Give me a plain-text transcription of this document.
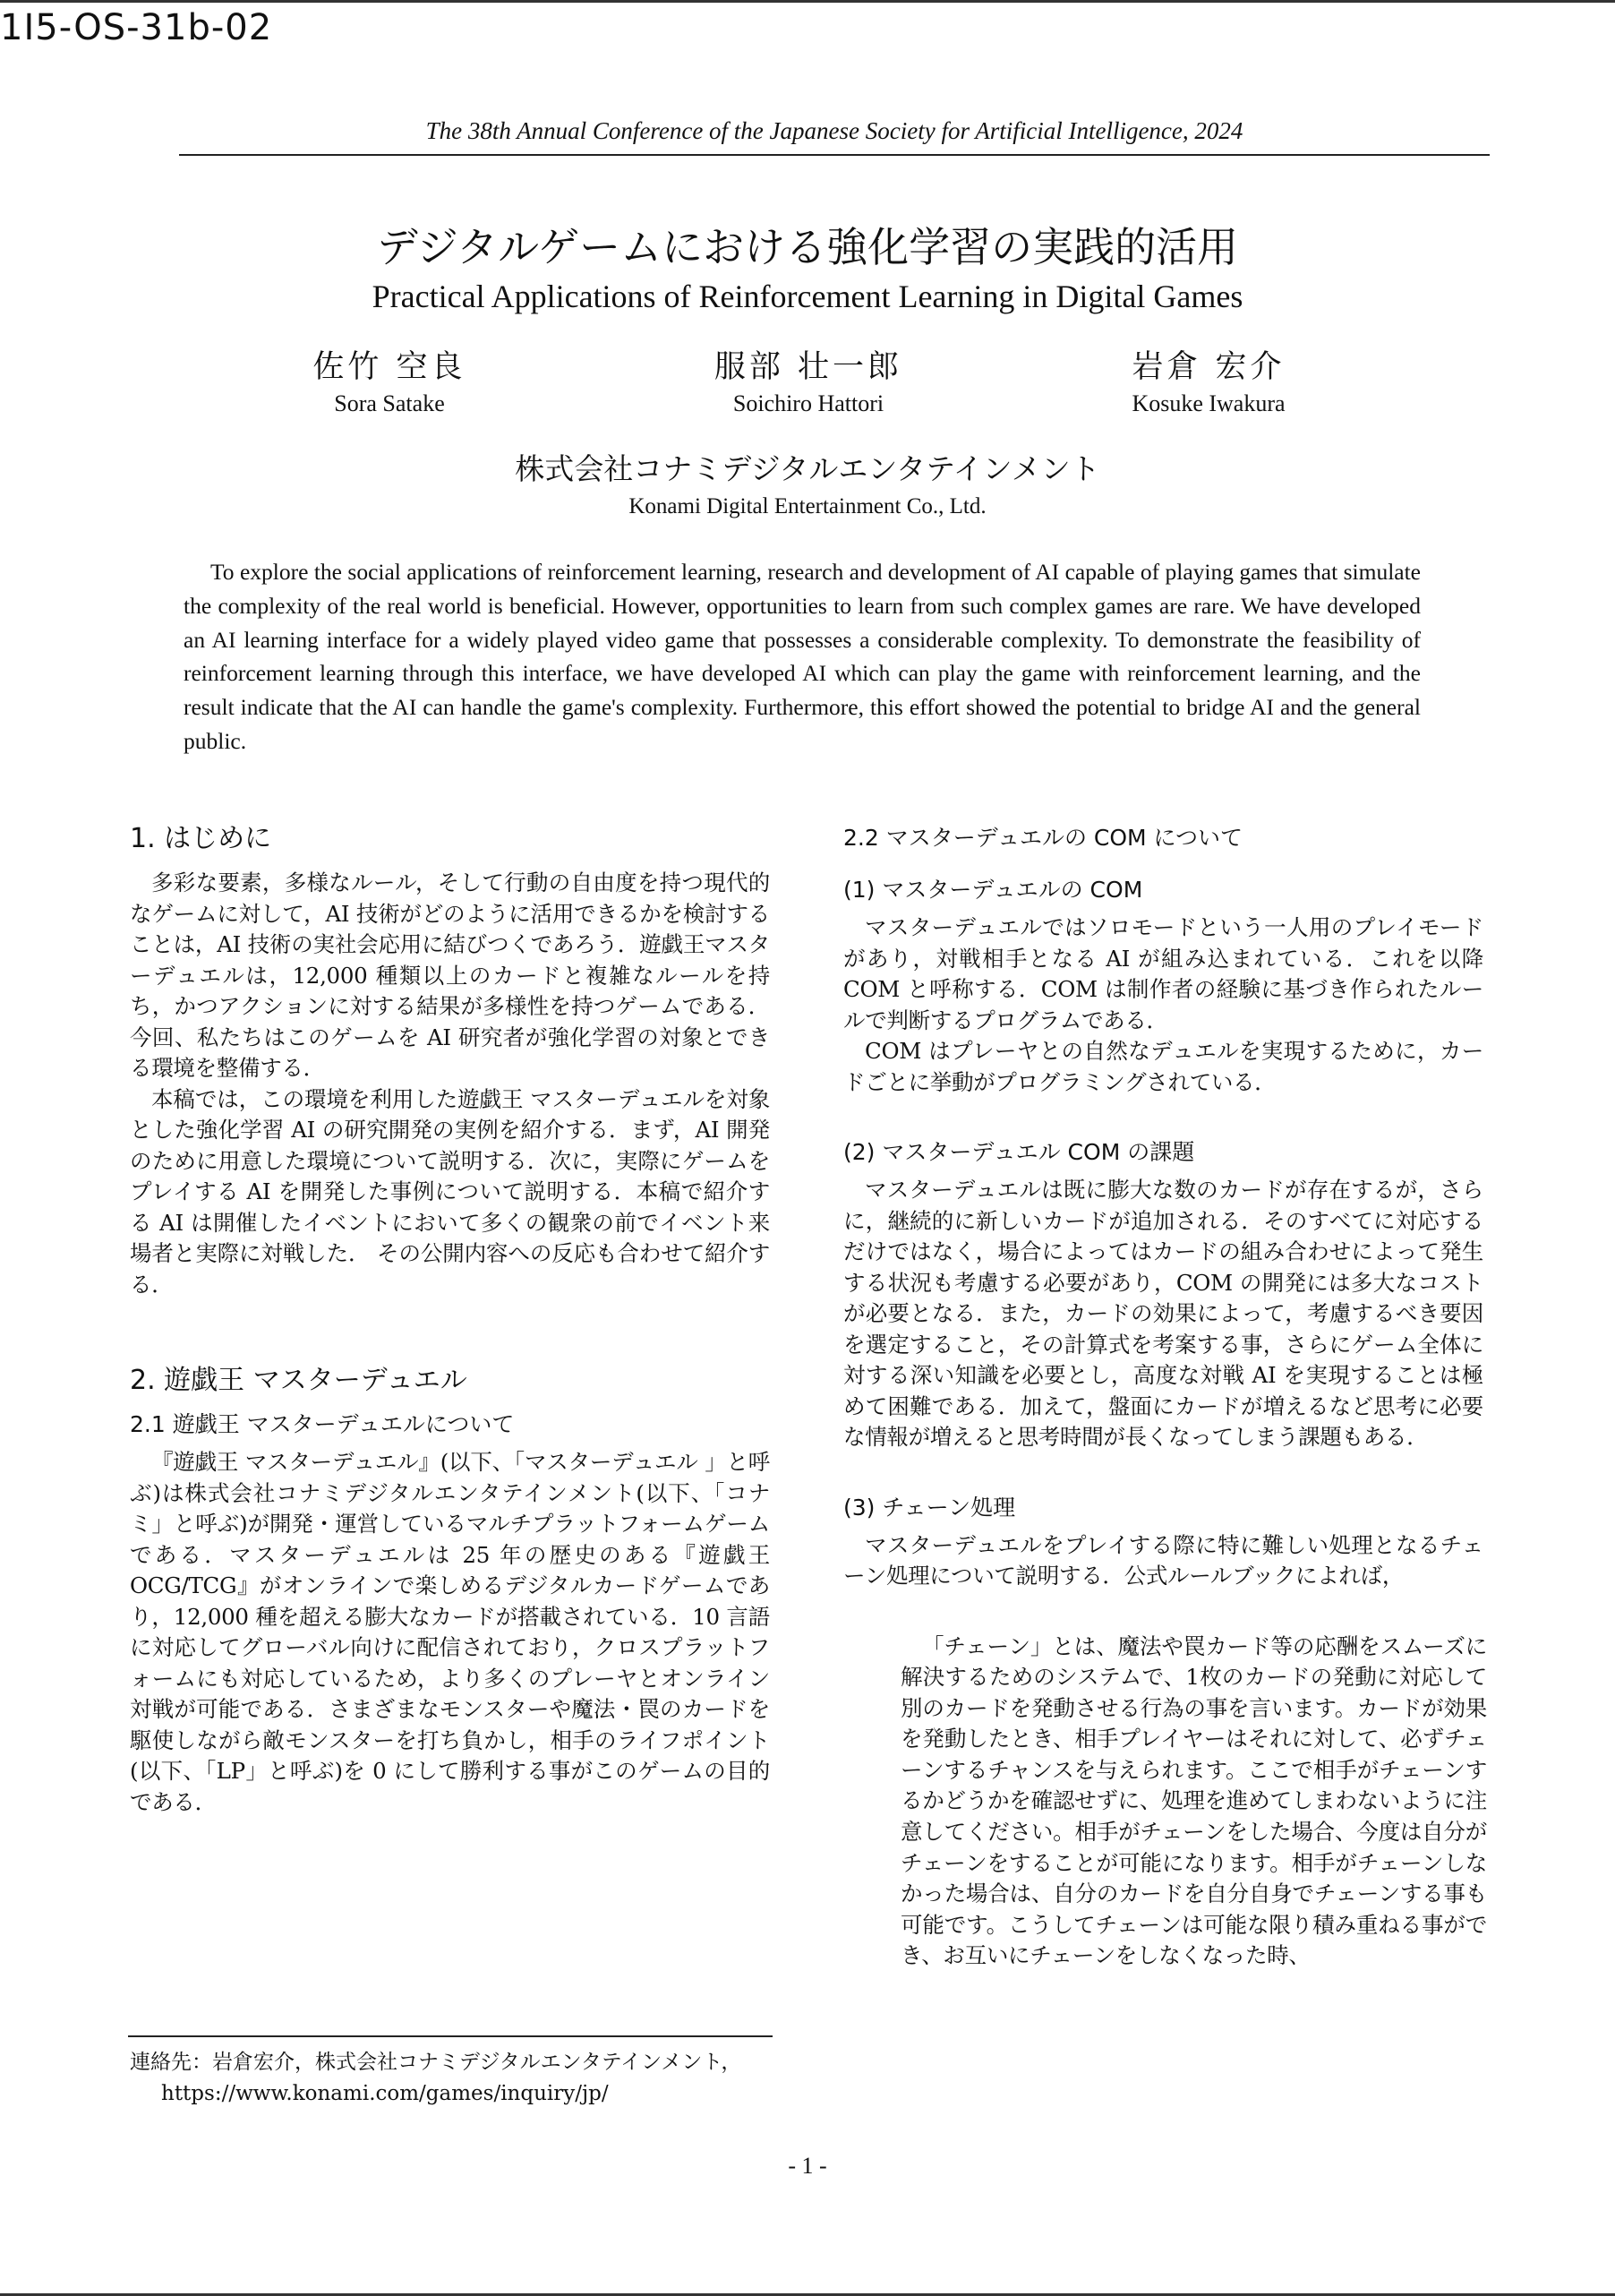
1I5-OS-31b-02
The 38th Annual Conference of the Japanese Society for Artificial Intelligence, 2024
デジタルゲームにおける強化学習の実践的活用
Practical Applications of Reinforcement Learning in Digital Games
佐竹 空良
Sora Satake
服部 壮一郎
Soichiro Hattori
岩倉 宏介
Kosuke Iwakura
株式会社コナミデジタルエンタテインメント
Konami Digital Entertainment Co., Ltd.
To explore the social applications of reinforcement learning, research and development of AI capable of playing games that simulate the complexity of the real world is beneficial. However, opportunities to learn from such complex games are rare. We have developed an AI learning interface for a widely played video game that possesses a considerable complexity. To demonstrate the feasibility of reinforcement learning through this interface, we have developed AI which can play the game with reinforcement learning, and the result indicate that the AI can handle the game's complexity. Furthermore, this effort showed the potential to bridge AI and the general public.
1. はじめに

多彩な要素，多様なルール，そして行動の自由度を持つ現代的なゲームに対して，AI 技術がどのように活用できるかを検討することは，AI 技術の実社会応用に結びつくであろう．遊戯王マスターデュエルは，12,000 種類以上のカードと複雑なルールを持ち，かつアクションに対する結果が多様性を持つゲームである．今回、私たちはこのゲームを AI 研究者が強化学習の対象とできる環境を整備する．

本稿では，この環境を利用した遊戯王 マスターデュエルを対象とした強化学習 AI の研究開発の実例を紹介する．まず，AI 開発のために用意した環境について説明する．次に，実際にゲームをプレイする AI を開発した事例について説明する．本稿で紹介する AI は開催したイベントにおいて多くの観衆の前でイベント来場者と実際に対戦した． その公開内容への反応も合わせて紹介する．

2. 遊戯王 マスターデュエル
2.1 遊戯王 マスターデュエルについて

『遊戯王 マスターデュエル』(以下、「マスターデュエル 」と呼ぶ)は株式会社コナミデジタルエンタテインメント(以下、「コナミ」と呼ぶ)が開発・運営しているマルチプラットフォームゲームである．マスターデュエルは 25 年の歴史のある『遊戯王 OCG/TCG』がオンラインで楽しめるデジタルカードゲームであり，12,000 種を超える膨大なカードが搭載されている．10 言語に対応してグローバル向けに配信されており，クロスプラットフォームにも対応しているため，より多くのプレーヤとオンライン対戦が可能である．さまざまなモンスターや魔法・罠のカードを駆使しながら敵モンスターを打ち負かし，相手のライフポイント(以下、「LP」と呼ぶ)を 0 にして勝利する事がこのゲームの目的である．

2.2 マスターデュエルの COM について
(1) マスターデュエルの COM

マスターデュエルではソロモードという一人用のプレイモードがあり，対戦相手となる AI が組み込まれている．これを以降 COM と呼称する．COM は制作者の経験に基づき作られたルールで判断するプログラムである．

COM はプレーヤとの自然なデュエルを実現するために，カードごとに挙動がプログラミングされている．

(2) マスターデュエル COM の課題

マスターデュエルは既に膨大な数のカードが存在するが，さらに，継続的に新しいカードが追加される．そのすべてに対応するだけではなく，場合によってはカードの組み合わせによって発生する状況も考慮する必要があり，COM の開発には多大なコストが必要となる．また，カードの効果によって，考慮するべき要因を選定すること，その計算式を考案する事，さらにゲーム全体に対する深い知識を必要とし，高度な対戦 AI を実現することは極めて困難である．加えて，盤面にカードが増えるなど思考に必要な情報が増えると思考時間が長くなってしまう課題もある．

(3) チェーン処理

マスターデュエルをプレイする際に特に難しい処理となるチェーン処理について説明する．公式ルールブックによれば，

「チェーン」とは、魔法や罠カード等の応酬をスムーズに解決するためのシステムで、1枚のカードの発動に対応して別のカードを発動させる行為の事を言います。カードが効果を発動したとき、相手プレイヤーはそれに対して、必ずチェーンするチャンスを与えられます。ここで相手がチェーンするかどうかを確認せずに、処理を進めてしまわないように注意してください。相手がチェーンをした場合、今度は自分がチェーンをすることが可能になります。相手がチェーンしなかった場合は、自分のカードを自分自身でチェーンする事も可能です。こうしてチェーンは可能な限り積み重ねる事ができ、お互いにチェーンをしなくなった時、
連絡先：岩倉宏介，株式会社コナミデジタルエンタテインメント，
https://www.konami.com/games/inquiry/jp/
- 1 -
